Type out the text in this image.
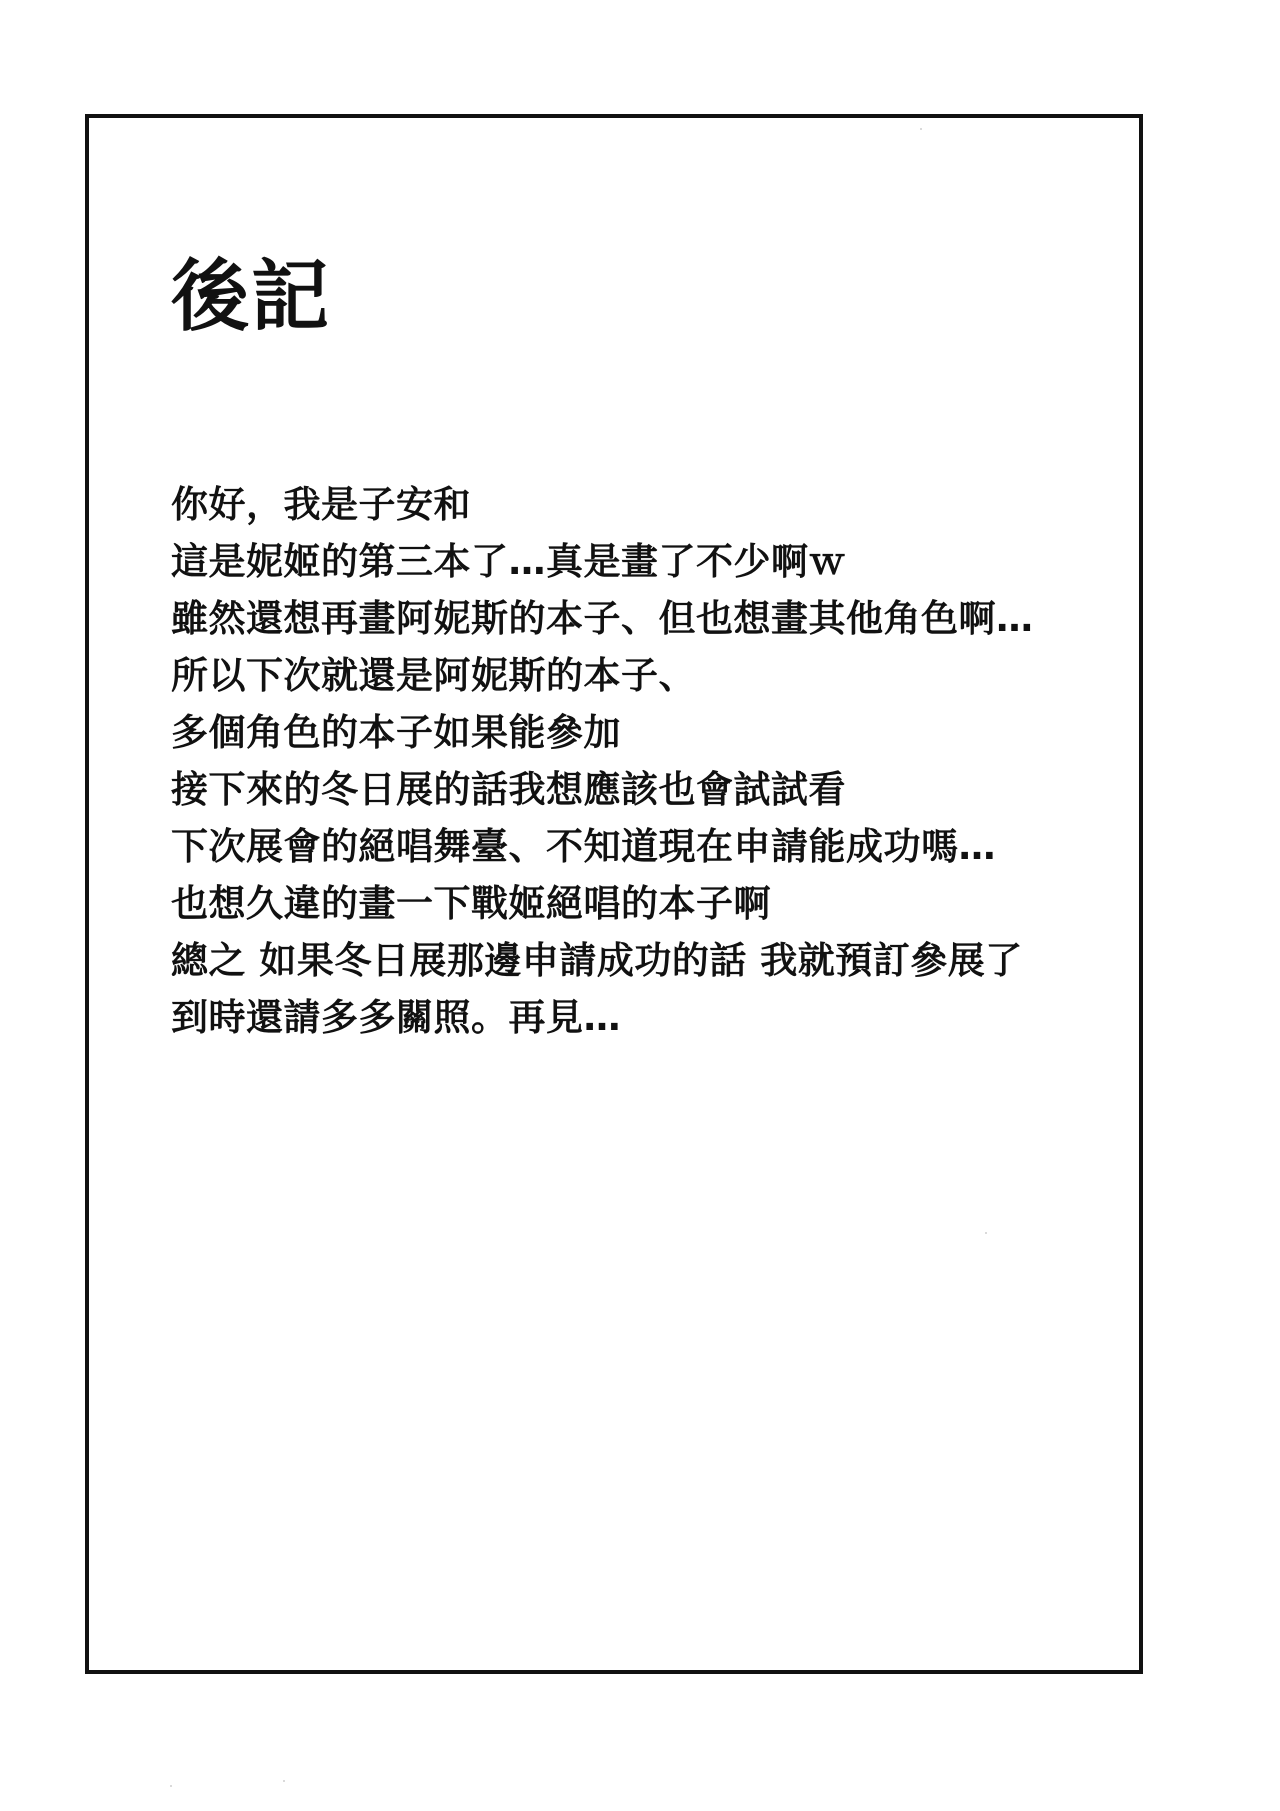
後記
你好，我是子安和
這是妮姬的第三本了…真是畫了不少啊ｗ
雖然還想再畫阿妮斯的本子、但也想畫其他角色啊…
所以下次就還是阿妮斯的本子、
多個角色的本子如果能參加
接下來的冬日展的話我想應該也會試試看
下次展會的絕唱舞臺、不知道現在申請能成功嗎…
也想久違的畫一下戰姬絕唱的本子啊
總之 如果冬日展那邊申請成功的話 我就預訂參展了
到時還請多多關照。再見…
